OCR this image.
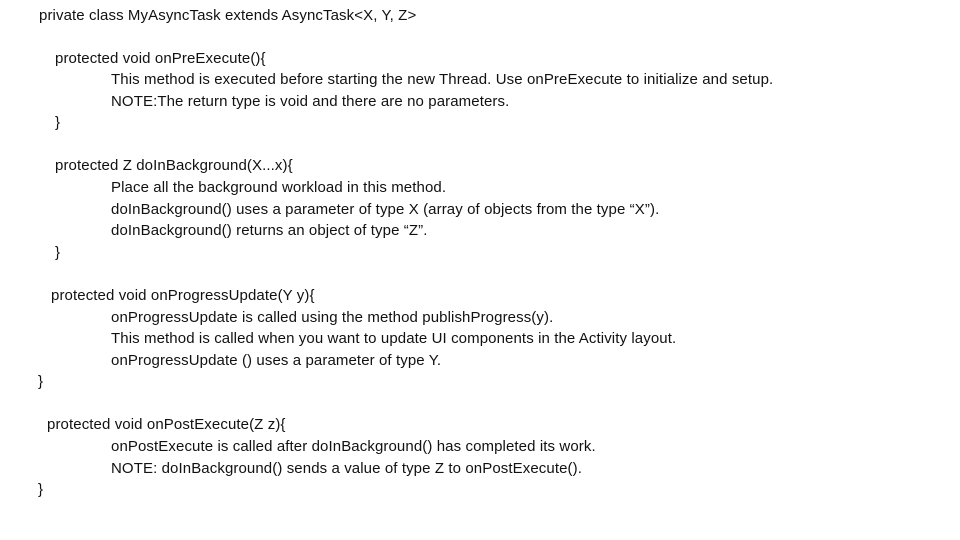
private class MyAsyncTask extends AsyncTask<X, Y, Z>
protected void onPreExecute(){
This method is executed before starting the new Thread. Use onPreExecute to initialize and setup.
NOTE:The return type is void and there are no parameters.
}
protected Z doInBackground(X...x){
Place all the background workload in this method.
doInBackground() uses a parameter of type X (array of objects from the type “X”).
doInBackground() returns an object of type “Z”.
}
protected void onProgressUpdate(Y y){
onProgressUpdate is called using the method publishProgress(y).
This method is called when you want to update UI components in the Activity layout.
onProgressUpdate () uses a parameter of type Y.
}
protected void onPostExecute(Z z){
onPostExecute is called after doInBackground() has completed its work.
NOTE: doInBackground() sends a value of type Z to onPostExecute().
}
